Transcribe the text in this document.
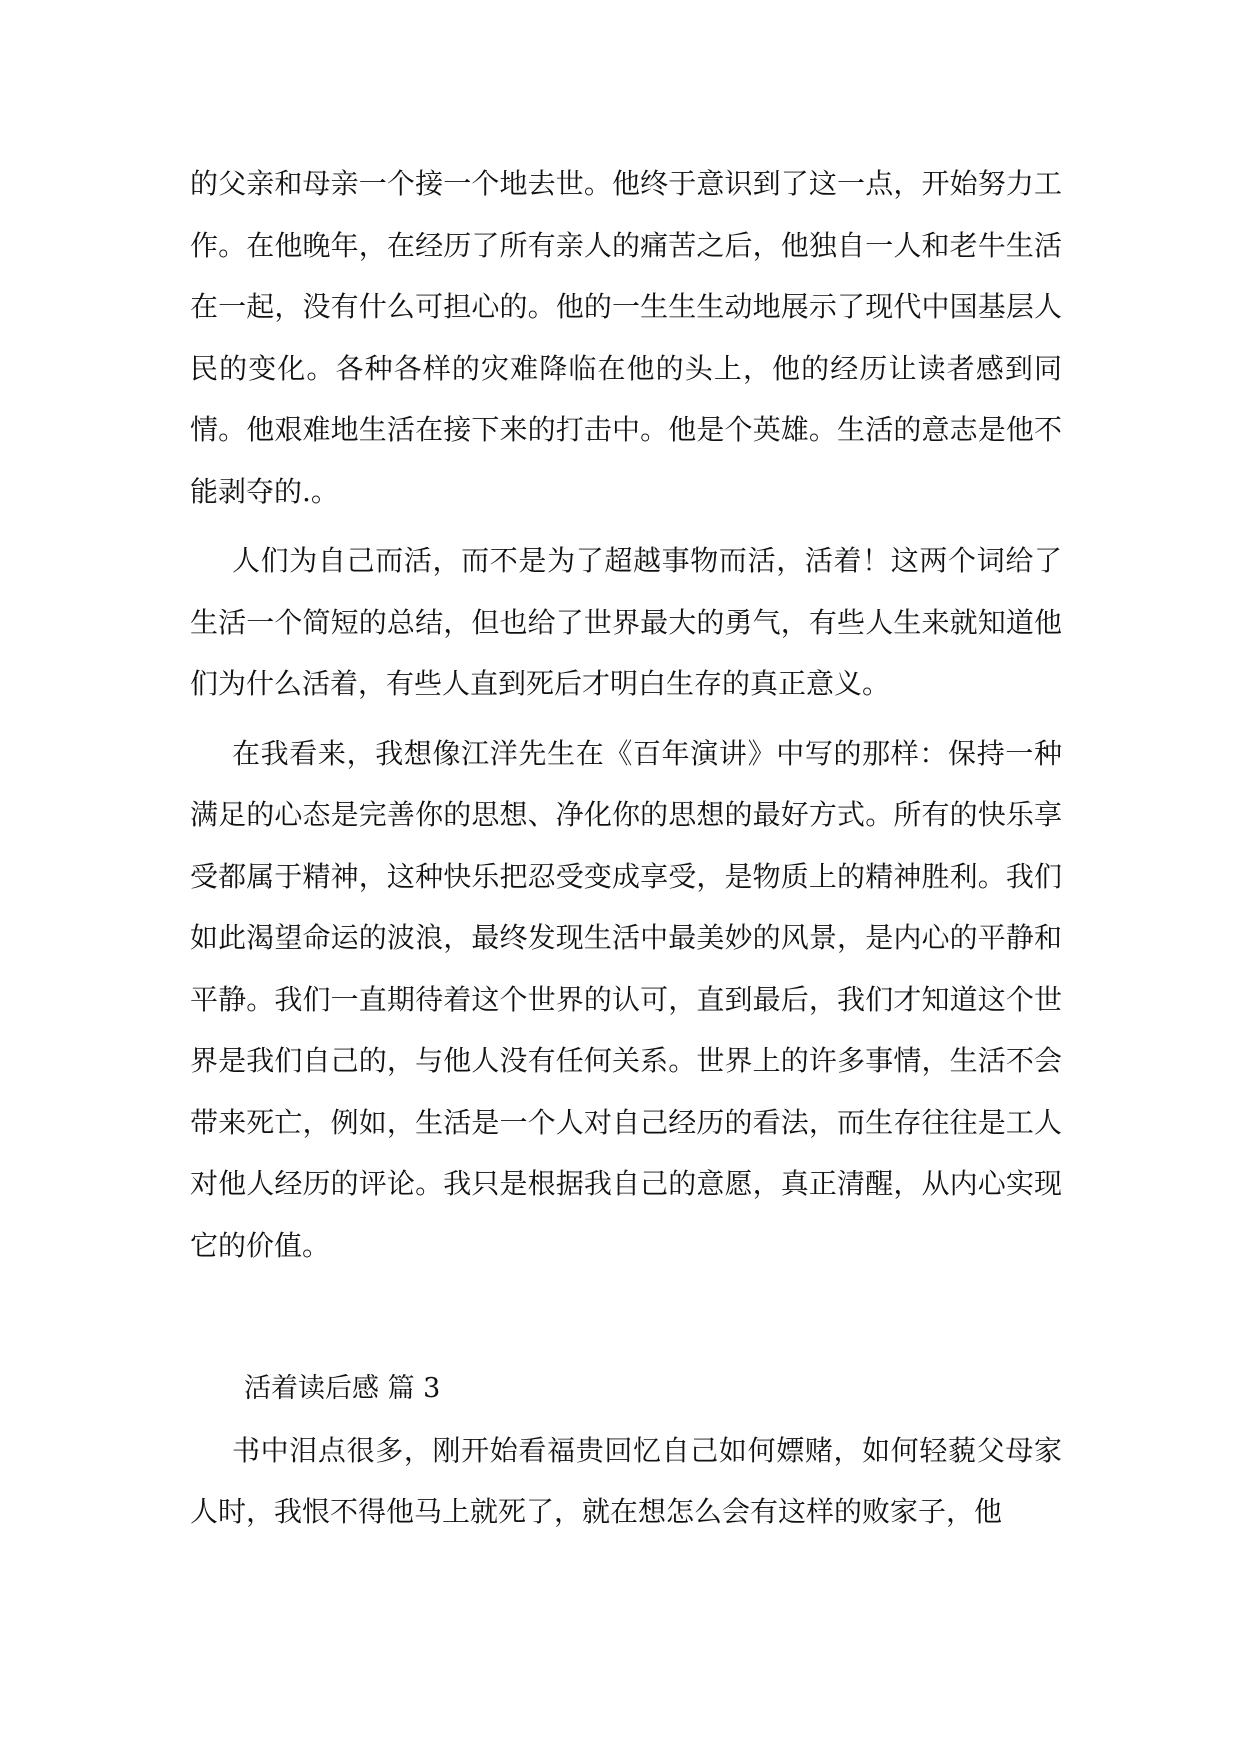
的父亲和母亲一个接一个地去世。他终于意识到了这一点，开始努力工作。在他晚年，在经历了所有亲人的痛苦之后，他独自一人和老牛生活在一起，没有什么可担心的。他的一生生生动地展示了现代中国基层人民的变化。各种各样的灾难降临在他的头上，他的经历让读者感到同情。他艰难地生活在接下来的打击中。他是个英雄。生活的意志是他不能剥夺的.。

人们为自己而活，而不是为了超越事物而活，活着！这两个词给了生活一个简短的总结，但也给了世界最大的勇气，有些人生来就知道他们为什么活着，有些人直到死后才明白生存的真正意义。

在我看来，我想像江洋先生在《百年演讲》中写的那样：保持一种满足的心态是完善你的思想、净化你的思想的最好方式。所有的快乐享受都属于精神，这种快乐把忍受变成享受，是物质上的精神胜利。我们如此渴望命运的波浪，最终发现生活中最美妙的风景，是内心的平静和平静。我们一直期待着这个世界的认可，直到最后，我们才知道这个世界是我们自己的，与他人没有任何关系。世界上的许多事情，生活不会带来死亡，例如，生活是一个人对自己经历的看法，而生存往往是工人对他人经历的评论。我只是根据我自己的意愿，真正清醒，从内心实现它的价值。

活着读后感 篇 3

书中泪点很多，刚开始看福贵回忆自己如何嫖赌，如何轻藐父母家人时，我恨不得他马上就死了，就在想怎么会有这样的败家子，他
